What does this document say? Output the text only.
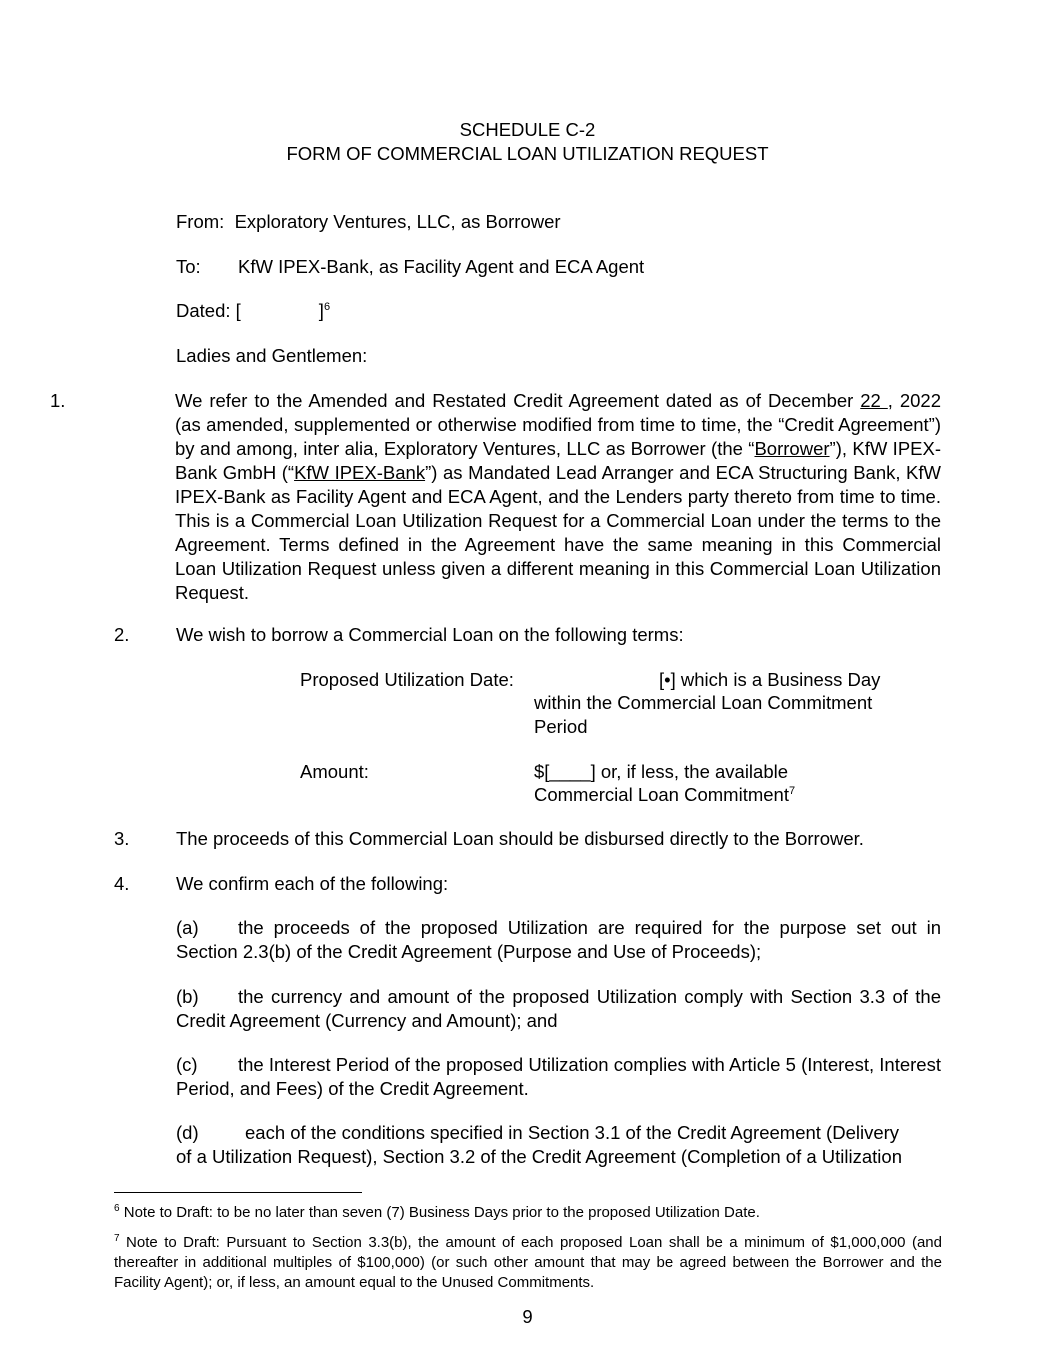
SCHEDULE C-2
FORM OF COMMERCIAL LOAN UTILIZATION REQUEST
From: Exploratory Ventures, LLC, as Borrower
To: KfW IPEX-Bank, as Facility Agent and ECA Agent
Dated: [	]$^6$
Ladies and Gentlemen:
1.	We refer to the Amended and Restated Credit Agreement dated as of December 22 , 2022 (as amended, supplemented or otherwise modified from time to time, the “Credit Agreement”) by and among, inter alia, Exploratory Ventures, LLC as Borrower (the “Borrower”), KfW IPEX-Bank GmbH (“KfW IPEX-Bank”) as Mandated Lead Arranger and ECA Structuring Bank, KfW IPEX-Bank as Facility Agent and ECA Agent, and the Lenders party thereto from time to time. This is a Commercial Loan Utilization Request for a Commercial Loan under the terms to the Agreement. Terms defined in the Agreement have the same meaning in this Commercial Loan Utilization Request unless given a different meaning in this Commercial Loan Utilization Request.

2.	We wish to borrow a Commercial Loan on the following terms:
Proposed Utilization Date:	[•] which is a Business Day
within the Commercial Loan Commitment
Period
Amount:	$[____] or, if less, the available
Commercial Loan Commitment$^7$
3.	The proceeds of this Commercial Loan should be disbursed directly to the Borrower.
4.	We confirm each of the following:

(a) the proceeds of the proposed Utilization are required for the purpose set out in Section 2.3(b) of the Credit Agreement (Purpose and Use of Proceeds);

(b) the currency and amount of the proposed Utilization comply with Section 3.3 of the Credit Agreement (Currency and Amount); and

(c) the Interest Period of the proposed Utilization complies with Article 5 (Interest, Interest Period, and Fees) of the Credit Agreement.

(d)	each of the conditions specified in Section 3.1 of the Credit Agreement (Delivery
of a Utilization Request), Section 3.2 of the Credit Agreement (Completion of a Utilization

$^6$ Note to Draft: to be no later than seven (7) Business Days prior to the proposed Utilization Date.

$^7$ Note to Draft: Pursuant to Section 3.3(b), the amount of each proposed Loan shall be a minimum of $1,000,000 (and thereafter in additional multiples of $100,000) (or such other amount that may be agreed between the Borrower and the Facility Agent); or, if less, an amount equal to the Unused Commitments.

9
